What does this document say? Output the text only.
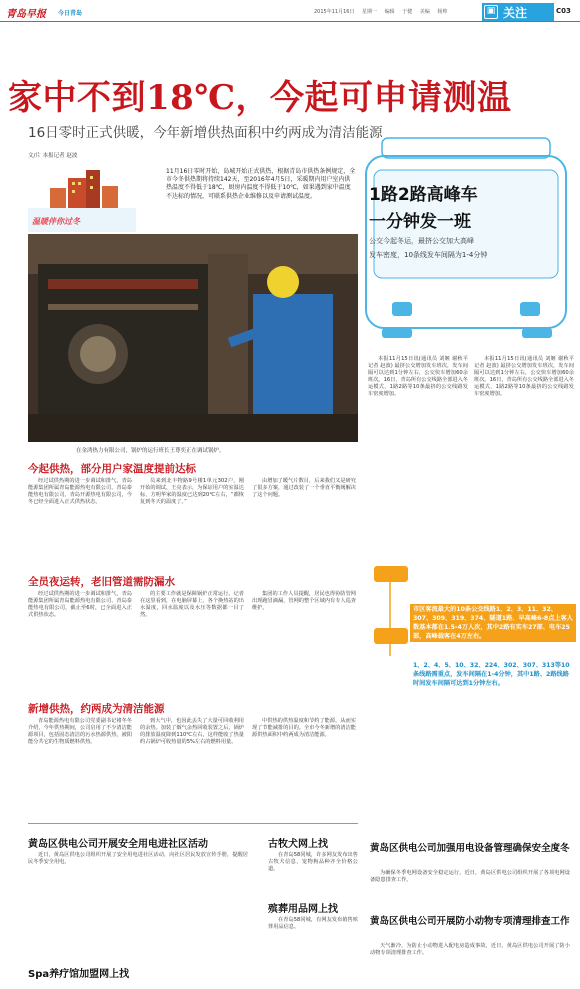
青岛早报 今日青岛	2015年11月16日 星期一 编辑 于健 美编 杨帅	▣ 关注	C03
家中不到18℃，今起可申请测温
16日零时正式供暖，今年新增供热面积中约两成为清洁能源
文/片 本报记者 赵波
温暖伴你过冬
11月16日零时开始，岛城开始正式供热，根据青岛市供热条例规定，全市今冬供热期将持续142天，至2016年4月5日，采暖期内用户室内供热温度不得低于18℃，厨房内温度不得低于10℃，如果遇到家中温度不达标的情况，可联系供热企业维修以及申请测试温度。
在金鸿热力有限公司，锅炉的运行班长王尊奕正在调试锅炉。
今起供热，部分用户家温度提前达标

经过试供热期的进一步调试和排气，青岛能源集团所属青岛能源热电有限公司、青岛泰能热电有限公司，青岛开源热电有限公司，今冬已经全面进入正式供热状态。

员来到北丰物路9号楼1单元302户，刚开始的调试，王亮表示，为保证用户的室温达标，方明华家的温度已达到20℃左右，“都恢复到冬天的温度了。”

由增加了暖气片数目，后来我们又是研究了很多方案，通过改装了一个垂直平衡阀解决了这个问题。

全员夜运转，老旧管道需防漏水

经过试供热期的进一步调试和排气，青岛能源集团所属青岛能源热电有限公司、青岛泰能热电有限公司，截止至6时，已全面进入正式供热状态。

的主要工作就是保障锅炉正常运行，记者在这里看到，在电脑屏幕上，各个换热站的出水温度，回水温度以及水压等数据都一目了然。

集团的工作人员提醒，居民也得协防管网出现跑冒滴漏，管网的整个区域内有专人巡查维护。

新增供热，约两成为清洁能源

青岛能源热电有限公司党委副书记褚冬冬介绍，今年供热期间，公司启用了不少清洁能源项目，包括固态清洁的污水热源供热，被阳能分共它的生物质燃料供热。

到大气中，也因此丢失了大量可回收利用的余热。加装了烟气余热回收装置之后，锅炉的排放温度降到110℃左右，这样能收了热量约占锅炉可收热量的5%左右的燃料用量。

中供热的供热温度和节约了能源，从而实现了节能减排的目的。全市今冬新增的清洁能源供热面积中约两成为清洁能源。

1路2路高峰车
一分钟发一班
公交今起冬运，最挤公交加大高峰
发车密度，10条线发车间隔为1-4分钟

本报11月15日讯(通讯员 刘姬 谢秋平 记者 赵波) 最挤公交增加发车班次，发车间隔可以达到1分钟左右，公交快车增加60余班次。16日，青岛所有公交线路全部进入冬运模式，1路2路等10条最挤的公交线路发车密度增加。

本报11月15日讯(通讯员 刘姬 谢秋平 记者 赵波) 最挤公交增加发车班次，发车间隔可以达到1分钟左右，公交快车增加60余班次。16日，青岛所有公交线路全部进入冬运模式，1路2路等10条最挤的公交线路发车密度增加。

市区客流最大的10条公交线路1、2、3、11、32、307、309、319、374、隧道1路、早高峰6-8点上客人数基本都在1.5-4万人次，其中2路有实车27部、电车25部，高峰载客在4万左右。
1、2、4、5、10、32、224、302、307、313等10条线路需重点，发车间隔在1-4分钟，其中1路、2路线路时间发车间隔可达到1分钟左右。
黄岛区供电公司开展安全用电进社区活动

近日，黄岛区供电公司组织开展了安全用电进社区活动，向社区居民发放宣传手册，提醒居民冬季安全用电。

古牧犬网上找

在青岛58同城，许多网友发布出售古牧犬信息，宠物狗品种齐全价格公道。

殡葬用品网上找

在青岛58同城，有网友发布销售殡葬用品信息。

Spa养疗馆加盟网上找
黄岛区供电公司加强用电设备管理确保安全度冬

为确保冬季电网设备安全稳定运行，近日，黄岛区供电公司组织开展了各项电网设备隐患排查工作。

黄岛区供电公司开展防小动物专项清理排查工作

天气渐冷，为防止小动物进入配电房造成事故，近日，黄岛区供电公司开展了防小动物专项清理排查工作。
